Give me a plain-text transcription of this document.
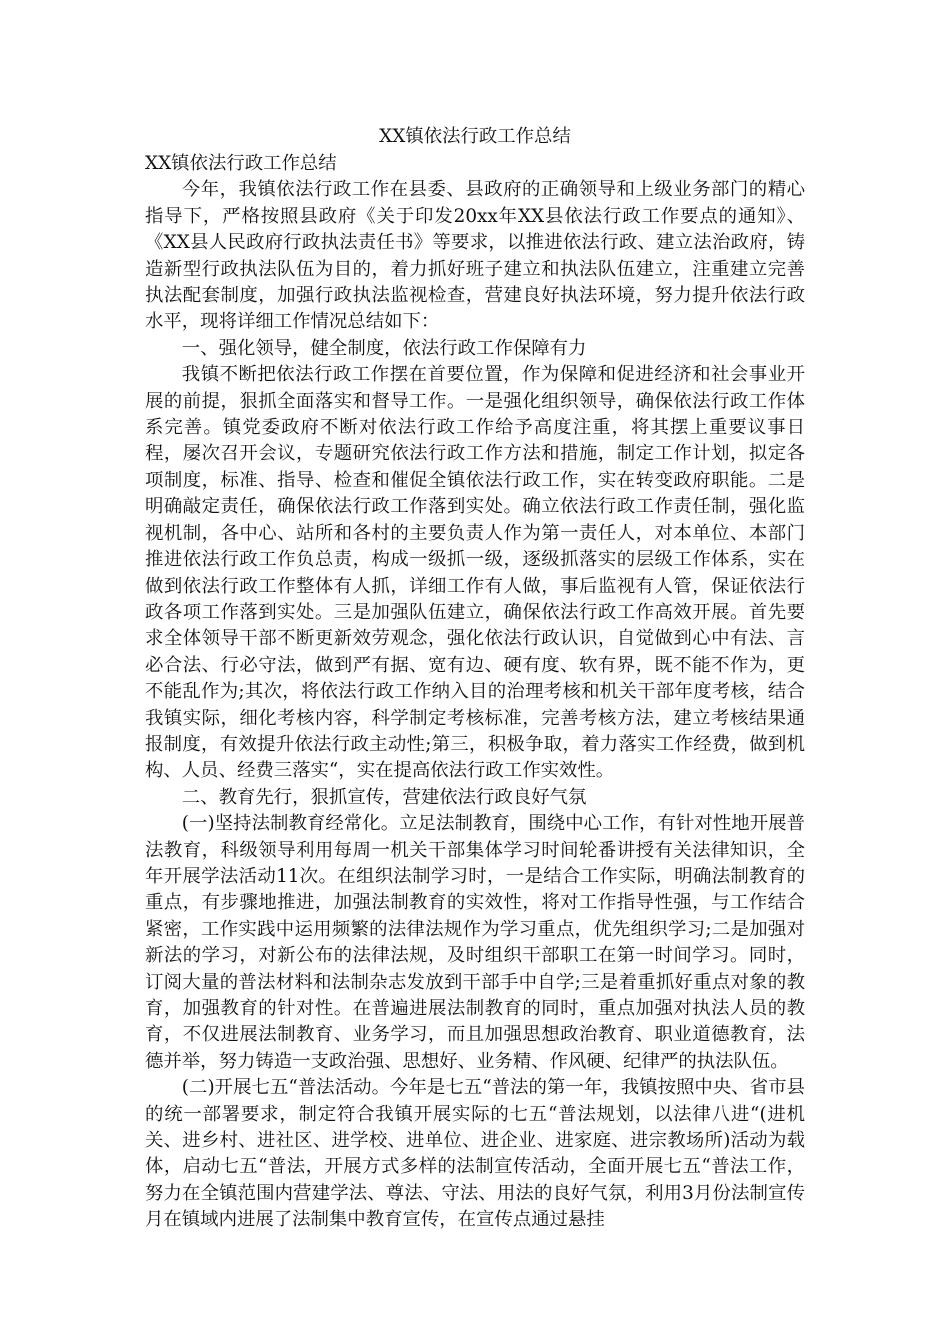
XX镇依法行政工作总结

XX镇依法行政工作总结

今年，我镇依法行政工作在县委、县政府的正确领导和上级业务部门的精心指导下，严格按照县政府《关于印发20xx年XX县依法行政工作要点的通知》、《XX县人民政府行政执法责任书》等要求，以推进依法行政、建立法治政府，铸造新型行政执法队伍为目的，着力抓好班子建立和执法队伍建立，注重建立完善执法配套制度，加强行政执法监视检查，营建良好执法环境，努力提升依法行政水平，现将详细工作情况总结如下：

一、强化领导，健全制度，依法行政工作保障有力

我镇不断把依法行政工作摆在首要位置，作为保障和促进经济和社会事业开展的前提，狠抓全面落实和督导工作。一是强化组织领导，确保依法行政工作体系完善。镇党委政府不断对依法行政工作给予高度注重，将其摆上重要议事日程，屡次召开会议，专题研究依法行政工作方法和措施，制定工作计划，拟定各项制度，标准、指导、检查和催促全镇依法行政工作，实在转变政府职能。二是明确敲定责任，确保依法行政工作落到实处。确立依法行政工作责任制，强化监视机制，各中心、站所和各村的主要负责人作为第一责任人，对本单位、本部门推进依法行政工作负总责，构成一级抓一级，逐级抓落实的层级工作体系，实在做到依法行政工作整体有人抓，详细工作有人做，事后监视有人管，保证依法行政各项工作落到实处。三是加强队伍建立，确保依法行政工作高效开展。首先要求全体领导干部不断更新效劳观念，强化依法行政认识，自觉做到心中有法、言必合法、行必守法，做到严有据、宽有边、硬有度、软有界，既不能不作为，更不能乱作为;其次，将依法行政工作纳入目的治理考核和机关干部年度考核，结合我镇实际，细化考核内容，科学制定考核标准，完善考核方法，建立考核结果通报制度，有效提升依法行政主动性;第三，积极争取，着力落实工作经费，做到机构、人员、经费三落实“，实在提高依法行政工作实效性。

二、教育先行，狠抓宣传，营建依法行政良好气氛

(一)坚持法制教育经常化。立足法制教育，围绕中心工作，有针对性地开展普法教育，科级领导利用每周一机关干部集体学习时间轮番讲授有关法律知识，全年开展学法活动11次。在组织法制学习时，一是结合工作实际，明确法制教育的重点，有步骤地推进，加强法制教育的实效性，将对工作指导性强，与工作结合紧密，工作实践中运用频繁的法律法规作为学习重点，优先组织学习;二是加强对新法的学习，对新公布的法律法规，及时组织干部职工在第一时间学习。同时，订阅大量的普法材料和法制杂志发放到干部手中自学;三是着重抓好重点对象的教育，加强教育的针对性。在普遍进展法制教育的同时，重点加强对执法人员的教育，不仅进展法制教育、业务学习，而且加强思想政治教育、职业道德教育，法德并举，努力铸造一支政治强、思想好、业务精、作风硬、纪律严的执法队伍。

(二)开展七五“普法活动。今年是七五“普法的第一年，我镇按照中央、省市县的统一部署要求，制定符合我镇开展实际的七五“普法规划，以法律八进“(进机关、进乡村、进社区、进学校、进单位、进企业、进家庭、进宗教场所)活动为载体，启动七五“普法，开展方式多样的法制宣传活动，全面开展七五“普法工作，努力在全镇范围内营建学法、尊法、守法、用法的良好气氛，利用3月份法制宣传月在镇域内进展了法制集中教育宣传，在宣传点通过悬挂
